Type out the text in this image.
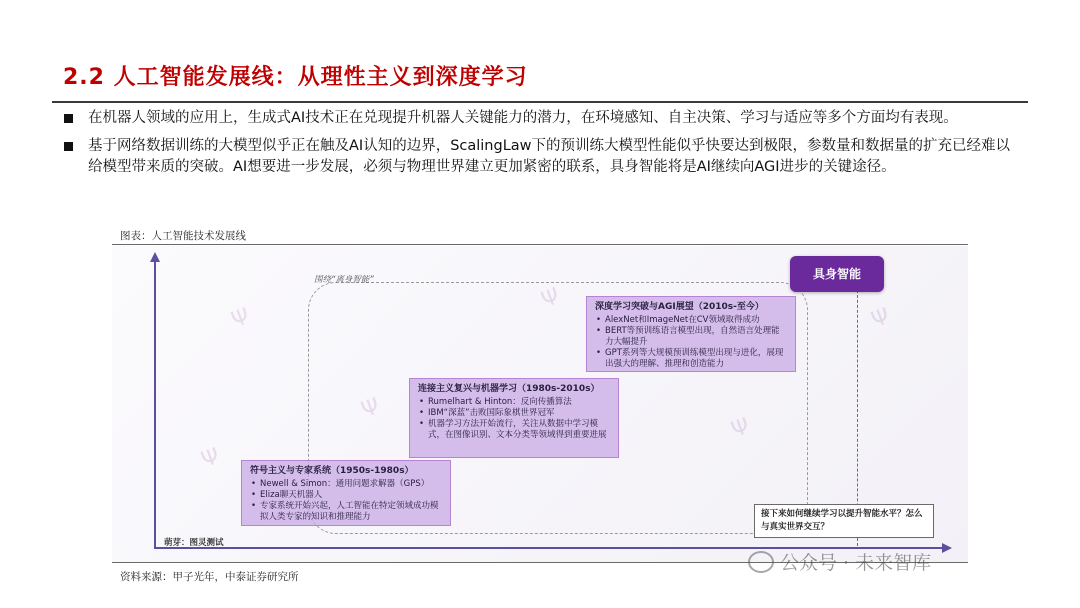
2.2 人工智能发展线：从理性主义到深度学习
在机器人领域的应用上，生成式AI技术正在兑现提升机器人关键能力的潜力，在环境感知、自主决策、学习与适应等多个方面均有表现。
基于网络数据训练的大模型似乎正在触及AI认知的边界，ScalingLaw下的预训练大模型性能似乎快要达到极限，参数量和数据量的扩充已经难以给模型带来质的突破。AI想要进一步发展，必须与物理世界建立更加紧密的联系，具身智能将是AI继续向AGI进步的关键途径。
图表：人工智能技术发展线
Ψ
Ψ
Ψ
Ψ
Ψ
Ψ
围绕“离身智能”
符号主义与专家系统（1950s-1980s）
• Newell & Simon：通用问题求解器（GPS）
• Eliza聊天机器人
• 专家系统开始兴起，人工智能在特定领域成功模拟人类专家的知识和推理能力
连接主义复兴与机器学习（1980s-2010s）
• Rumelhart & Hinton：反向传播算法
• IBM“深蓝”击败国际象棋世界冠军
• 机器学习方法开始流行，关注从数据中学习模式，在图像识别、文本分类等领域得到重要进展
深度学习突破与AGI展望（2010s-至今）
• AlexNet和ImageNet在CV领域取得成功
• BERT等预训练语言模型出现，自然语言处理能力大幅提升
• GPT系列等大规模预训练模型出现与进化，展现出强大的理解、推理和创造能力
具身智能
接下来如何继续学习以提升智能水平？怎么与真实世界交互？
萌芽：图灵测试
资料来源：甲子光年，中泰证券研究所
公众号 · 未来智库
